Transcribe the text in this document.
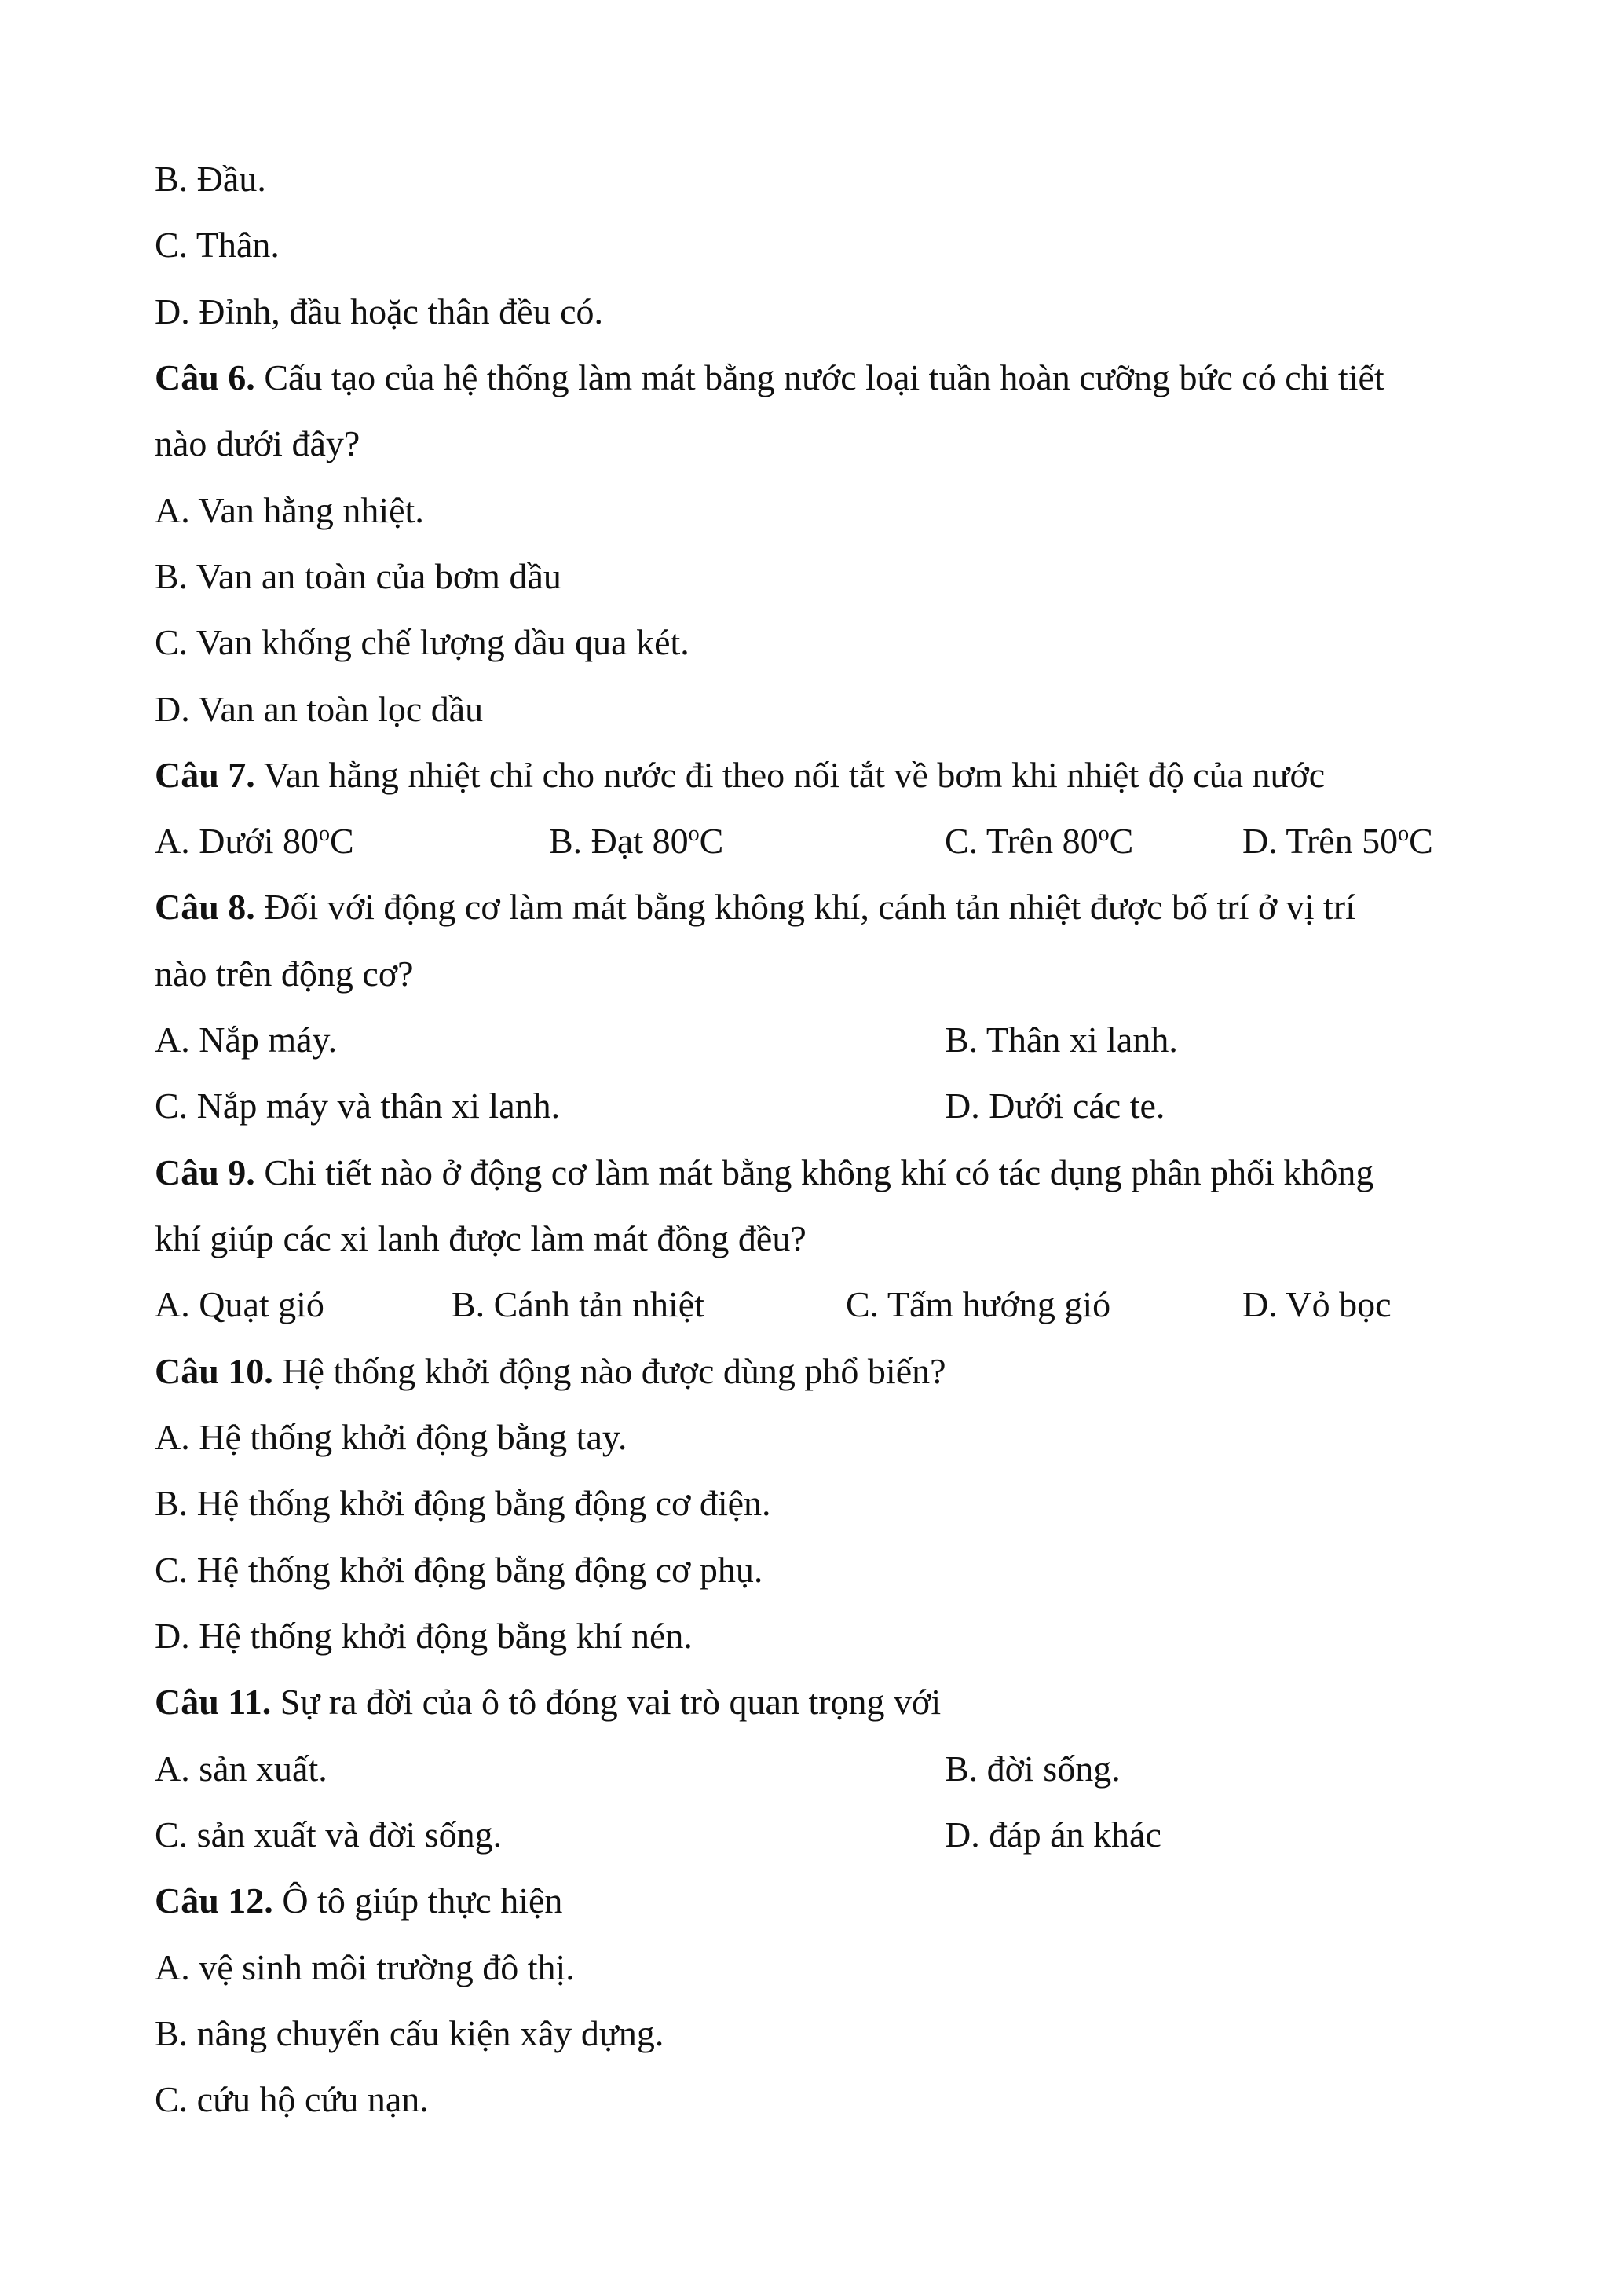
B. Đầu.
C. Thân.
D. Đỉnh, đầu hoặc thân đều có.
Câu 6. Cấu tạo của hệ thống làm mát bằng nước loại tuần hoàn cưỡng bức có chi tiết
nào dưới đây?
A. Van hằng nhiệt.
B. Van an toàn của bơm dầu
C. Van khống chế lượng dầu qua két.
D. Van an toàn lọc dầu
Câu 7. Van hằng nhiệt chỉ cho nước đi theo nối tắt về bơm khi nhiệt độ của nước
A. Dưới 80$^o$C	B. Đạt 80$^o$C	C. Trên 80$^o$C	D. Trên 50$^o$C
Câu 8. Đối với động cơ làm mát bằng không khí, cánh tản nhiệt được bố trí ở vị trí
nào trên động cơ?
A. Nắp máy.	B. Thân xi lanh.
C. Nắp máy và thân xi lanh.	D. Dưới các te.
Câu 9. Chi tiết nào ở động cơ làm mát bằng không khí có tác dụng phân phối không
khí giúp các xi lanh được làm mát đồng đều?
A. Quạt gió	B. Cánh tản nhiệt	C. Tấm hướng gió	D. Vỏ bọc
Câu 10. Hệ thống khởi động nào được dùng phổ biến?
A. Hệ thống khởi động bằng tay.
B. Hệ thống khởi động bằng động cơ điện.
C. Hệ thống khởi động bằng động cơ phụ.
D. Hệ thống khởi động bằng khí nén.
Câu 11. Sự ra đời của ô tô đóng vai trò quan trọng với
A. sản xuất.	B. đời sống.
C. sản xuất và đời sống.	D. đáp án khác
Câu 12. Ô tô giúp thực hiện
A. vệ sinh môi trường đô thị.
B. nâng chuyển cấu kiện xây dựng.
C. cứu hộ cứu nạn.
